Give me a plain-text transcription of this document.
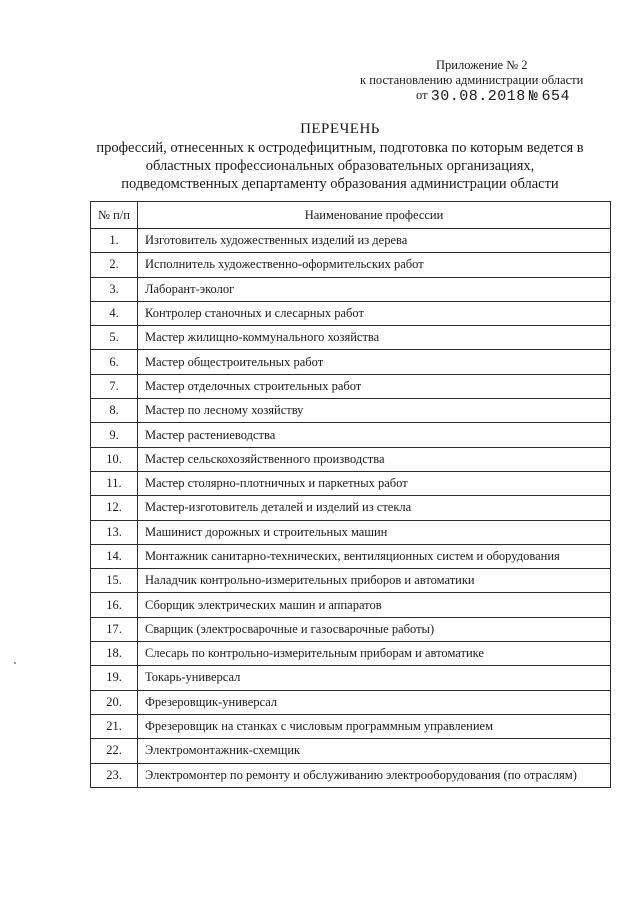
Приложение № 2
к постановлению администрации области
от 30.08.2018 № 654
ПЕРЕЧЕНЬ
профессий, отнесенных к остродефицитным, подготовка по которым ведется в
областных профессиональных образовательных организациях,
подведомственных департаменту образования администрации области
№ п/п	Наименование профессии
1.	Изготовитель художественных изделий из дерева
2.	Исполнитель художественно-оформительских работ
3.	Лаборант-эколог
4.	Контролер станочных и слесарных работ
5.	Мастер жилищно-коммунального хозяйства
6.	Мастер общестроительных работ
7.	Мастер отделочных строительных работ
8.	Мастер по лесному хозяйству
9.	Мастер растениеводства
10.	Мастер сельскохозяйственного производства
11.	Мастер столярно-плотничных и паркетных работ
12.	Мастер-изготовитель деталей и изделий из стекла
13.	Машинист дорожных и строительных машин
14.	Монтажник санитарно-технических, вентиляционных систем и оборудования
15.	Наладчик контрольно-измерительных приборов и автоматики
16.	Сборщик электрических машин и аппаратов
17.	Сварщик (электросварочные и газосварочные работы)
18.	Слесарь по контрольно-измерительным приборам и автоматике
19.	Токарь-универсал
20.	Фрезеровщик-универсал
21.	Фрезеровщик на станках с числовым программным управлением
22.	Электромонтажник-схемщик
23.	Электромонтер по ремонту и обслуживанию электрооборудования (по отраслям)
